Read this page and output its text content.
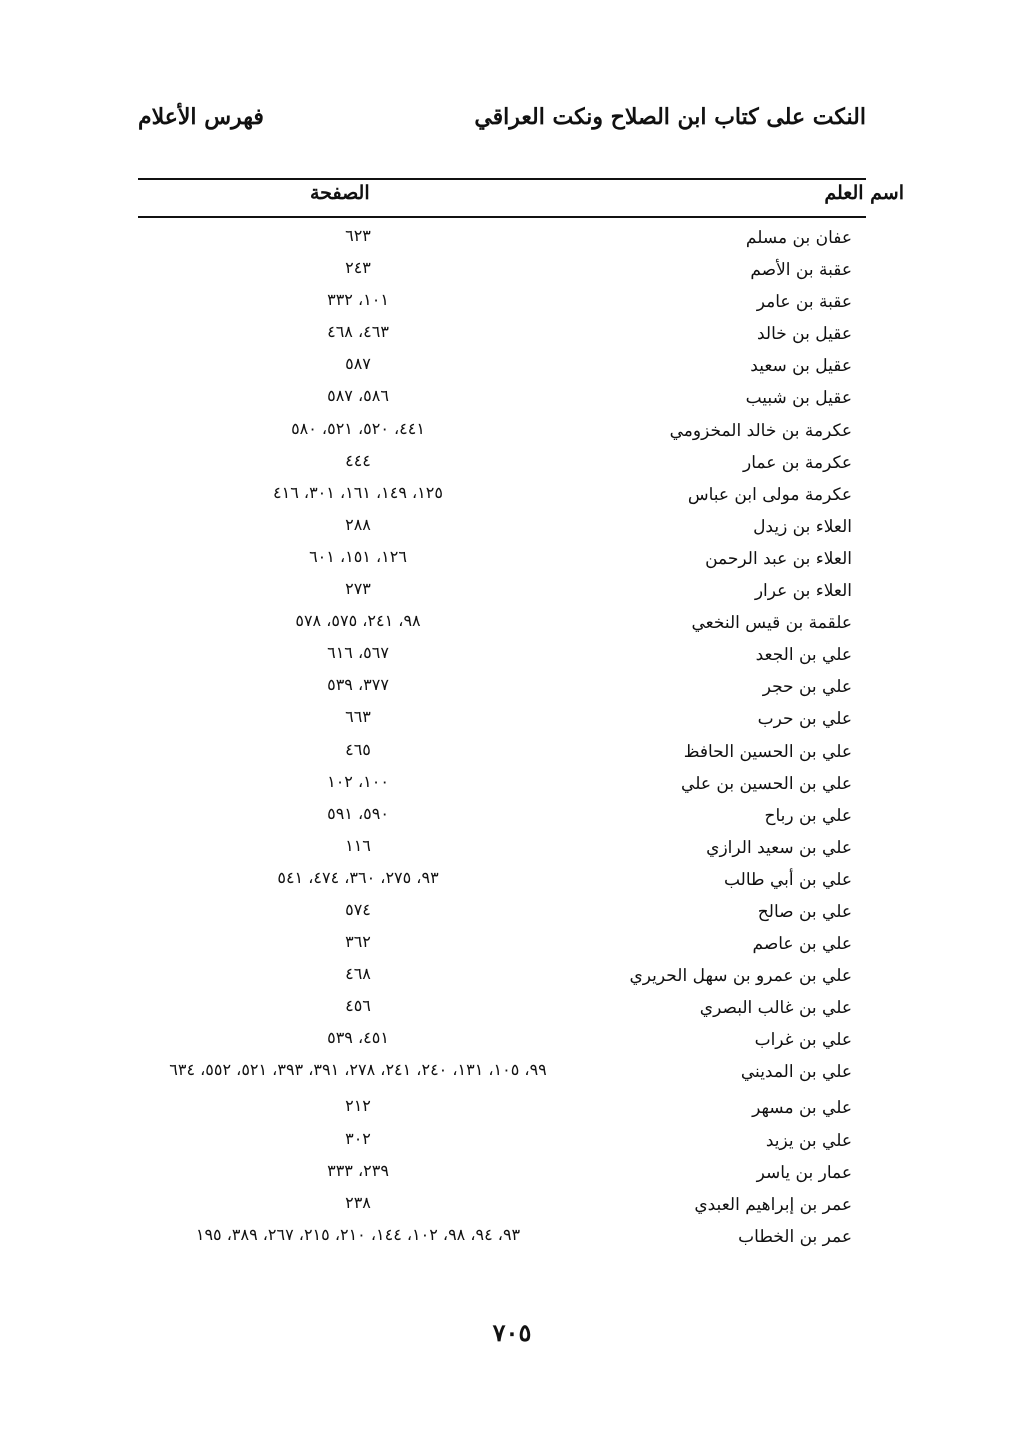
النكت على كتاب ابن الصلاح ونكت العراقي
فهرس الأعلام
اسم العلم
الصفحة
عفان بن مسلم
٦٢٣
عقبة بن الأصم
٢٤٣
عقبة بن عامر
١٠١، ٣٣٢
عقيل بن خالد
٤٦٣، ٤٦٨
عقيل بن سعيد
٥٨٧
عقيل بن شبيب
٥٨٦، ٥٨٧
عكرمة بن خالد المخزومي
٤٤١، ٥٢٠، ٥٢١، ٥٨٠
عكرمة بن عمار
٤٤٤
عكرمة مولى ابن عباس
١٢٥، ١٤٩، ١٦١، ٣٠١، ٤١٦
العلاء بن زيدل
٢٨٨
العلاء بن عبد الرحمن
١٢٦، ١٥١، ٦٠١
العلاء بن عرار
٢٧٣
علقمة بن قيس النخعي
٩٨، ٢٤١، ٥٧٥، ٥٧٨
علي بن الجعد
٥٦٧، ٦١٦
علي بن حجر
٣٧٧، ٥٣٩
علي بن حرب
٦٦٣
علي بن الحسين الحافظ
٤٦٥
علي بن الحسين بن علي
١٠٠، ١٠٢
علي بن رباح
٥٩٠، ٥٩١
علي بن سعيد الرازي
١١٦
علي بن أبي طالب
٩٣، ٢٧٥، ٣٦٠، ٤٧٤، ٥٤١
علي بن صالح
٥٧٤
علي بن عاصم
٣٦٢
علي بن عمرو بن سهل الحريري
٤٦٨
علي بن غالب البصري
٤٥٦
علي بن غراب
٤٥١، ٥٣٩
علي بن المديني
٩٩، ١٠٥، ١٣١، ٢٤٠، ٢٤١، ٢٧٨، ٣٩١، ٣٩٣، ٥٢١، ٥٥٢، ٦٣٤
علي بن مسهر
٢١٢
علي بن يزيد
٣٠٢
عمار بن ياسر
٢٣٩، ٣٣٣
عمر بن إبراهيم العبدي
٢٣٨
عمر بن الخطاب
٩٣، ٩٤، ٩٨، ١٠٢، ١٤٤، ٢١٠، ٢١٥، ٢٦٧، ٣٨٩، ١٩٥
٧٠٥
